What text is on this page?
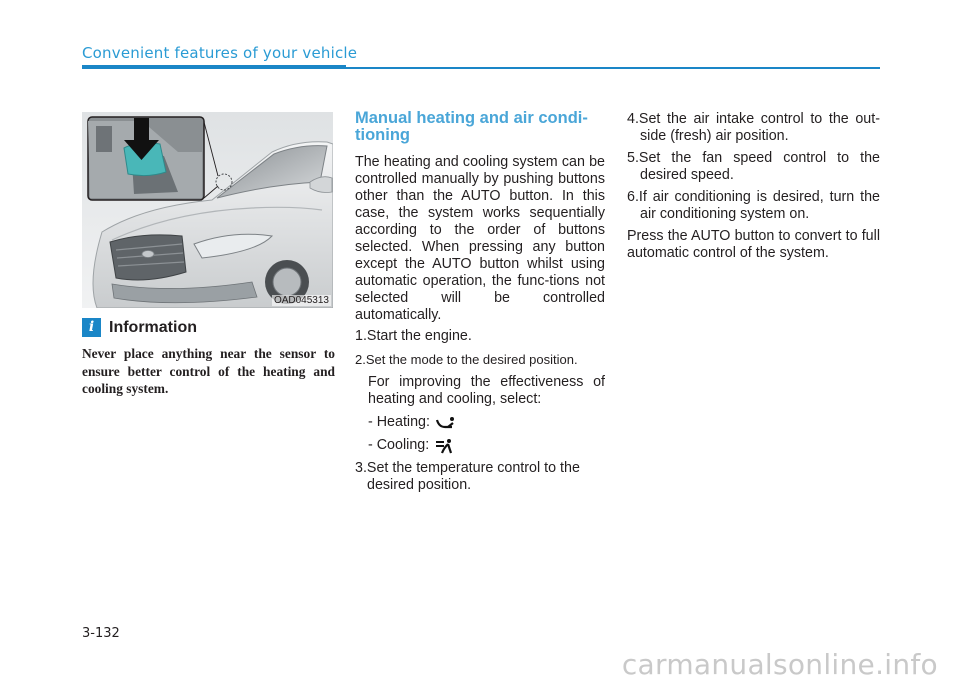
Convenient features of your vehicle
OAD045313
i Information
Never place anything near the sensor to ensure better control of the heating and cooling system.
Manual heating and air condi-tioning
The heating and cooling system can be controlled manually by pushing buttons other than the AUTO button. In this case, the system works sequentially according to the order of buttons selected. When pressing any button except the AUTO button whilst using automatic operation, the func-tions not selected will be controlled automatically.
1.Start the engine.
2.Set the mode to the desired position.
For improving the effectiveness of heating and cooling, select:
- Heating:
- Cooling:
3.Set the temperature control to the desired position.
4.Set the air intake control to the out-side (fresh) air position.
5.Set the fan speed control to the desired speed.
6.If air conditioning is desired, turn the air conditioning system on.
Press the AUTO button to convert to full automatic control of the system.
3-132
carmanualsonline.info
